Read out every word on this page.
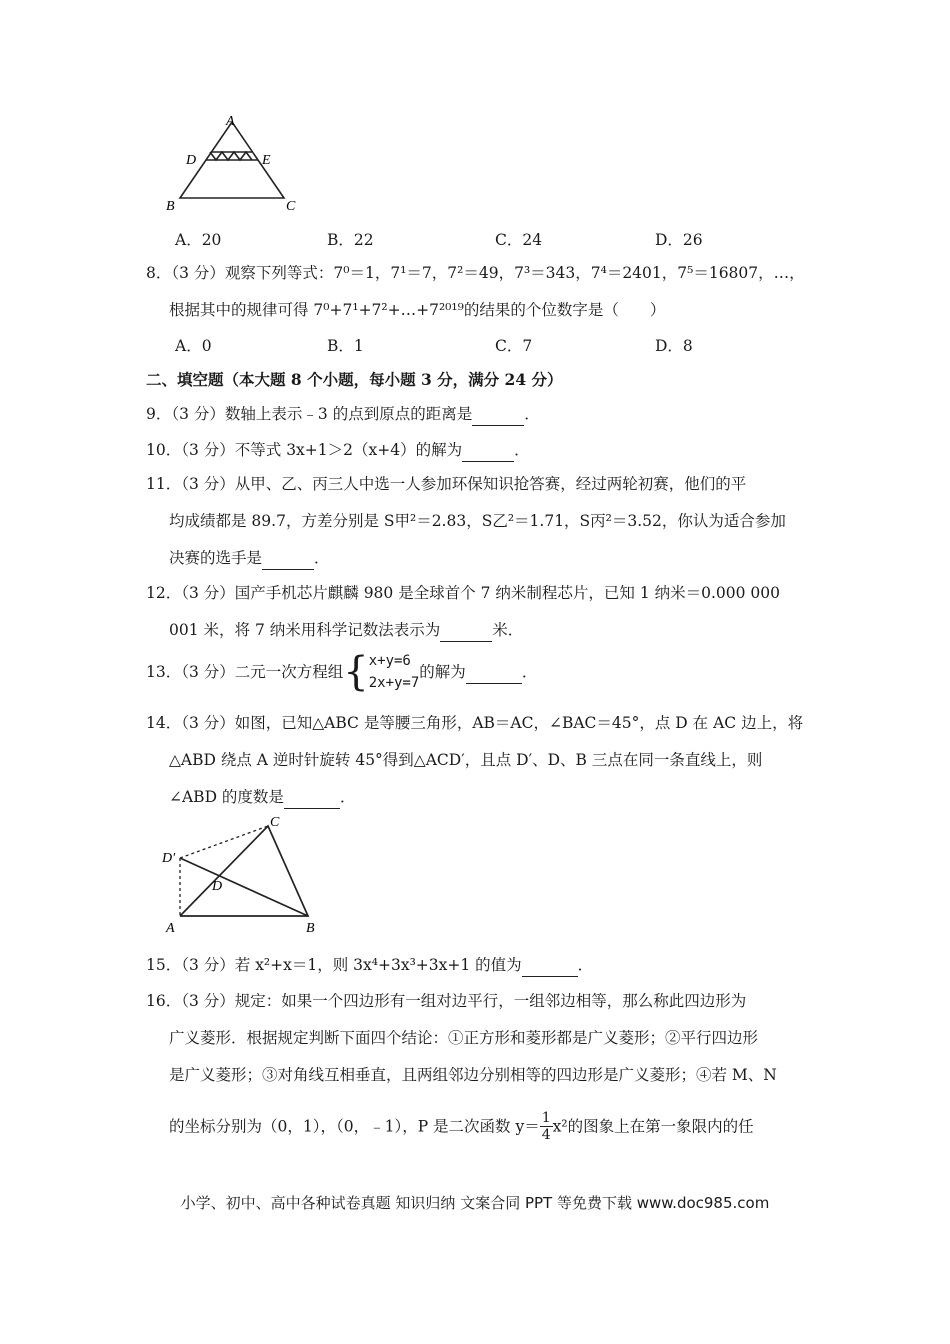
A
D	E
B	C
A．20	B．22	C．24	D．26
8．（3 分）观察下列等式：7⁰＝1，7¹＝7，7²＝49，7³＝343，7⁴＝2401，7⁵＝16807，…，
根据其中的规律可得 7⁰+7¹+7²+…+7²⁰¹⁹的结果的个位数字是（　　）
A．0	B．1	C．7	D．8
二、填空题（本大题 8 个小题，每小题 3 分，满分 24 分）
9．（3 分）数轴上表示﹣3 的点到原点的距离是	．
10．（3 分）不等式 3x+1＞2（x+4）的解为	．
11．（3 分）从甲、乙、丙三人中选一人参加环保知识抢答赛，经过两轮初赛，他们的平
均成绩都是 89.7，方差分别是 S甲²＝2.83，S乙²＝1.71，S丙²＝3.52，你认为适合参加
决赛的选手是	．
12．（3 分）国产手机芯片麒麟 980 是全球首个 7 纳米制程芯片，已知 1 纳米＝0.000 000
001 米，将 7 纳米用科学记数法表示为	米．
13．（3 分）二元一次方程组{ x+y=6
2x+y=7
的解为	．
14．（3 分）如图，已知△ABC 是等腰三角形，AB＝AC，∠BAC＝45°，点 D 在 AC 边上，将
△ABD 绕点 A 逆时针旋转 45°得到△ACD′，且点 D′、D、B 三点在同一条直线上，则
∠ABD 的度数是	．
C
D′
D
A	B
15．（3 分）若 x²+x＝1，则 3x⁴+3x³+3x+1 的值为	．
16．（3 分）规定：如果一个四边形有一组对边平行，一组邻边相等，那么称此四边形为
广义菱形．根据规定判断下面四个结论：①正方形和菱形都是广义菱形；②平行四边形
是广义菱形；③对角线互相垂直，且两组邻边分别相等的四边形是广义菱形；④若 M、N
的坐标分别为（0，1），（0，﹣1），P 是二次函数 $y= \frac{1}{4} x^2$的图象上在第一象限内的任
小学、初中、高中各种试卷真题 知识归纳 文案合同 PPT 等免费下载 www.doc985.com
